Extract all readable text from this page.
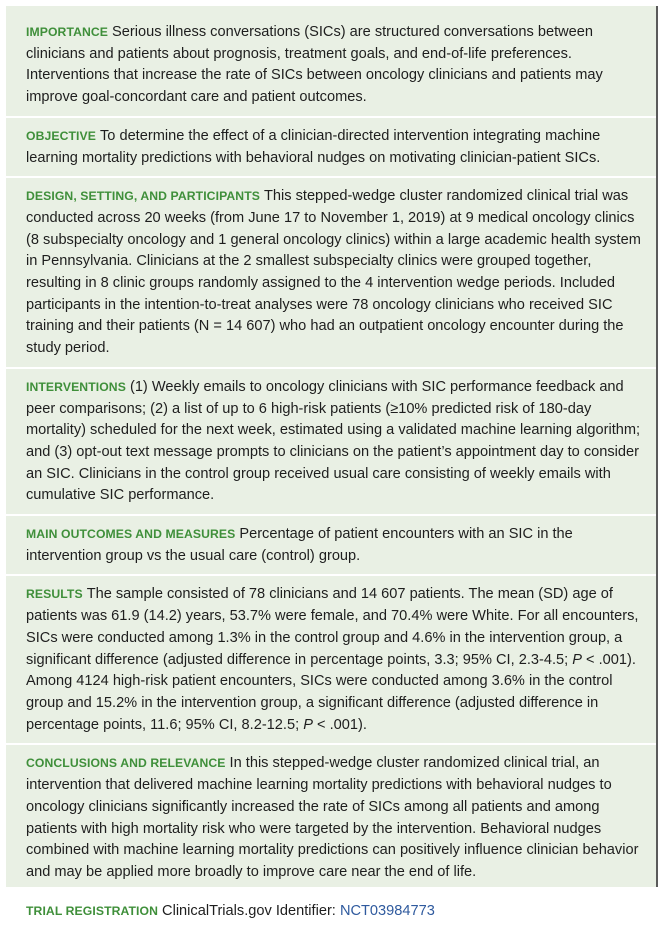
IMPORTANCE Serious illness conversations (SICs) are structured conversations between clinicians and patients about prognosis, treatment goals, and end-of-life preferences. Interventions that increase the rate of SICs between oncology clinicians and patients may improve goal-concordant care and patient outcomes.
OBJECTIVE To determine the effect of a clinician-directed intervention integrating machine learning mortality predictions with behavioral nudges on motivating clinician-patient SICs.
DESIGN, SETTING, AND PARTICIPANTS This stepped-wedge cluster randomized clinical trial was conducted across 20 weeks (from June 17 to November 1, 2019) at 9 medical oncology clinics (8 subspecialty oncology and 1 general oncology clinics) within a large academic health system in Pennsylvania. Clinicians at the 2 smallest subspecialty clinics were grouped together, resulting in 8 clinic groups randomly assigned to the 4 intervention wedge periods. Included participants in the intention-to-treat analyses were 78 oncology clinicians who received SIC training and their patients (N = 14 607) who had an outpatient oncology encounter during the study period.
INTERVENTIONS (1) Weekly emails to oncology clinicians with SIC performance feedback and peer comparisons; (2) a list of up to 6 high-risk patients (≥10% predicted risk of 180-day mortality) scheduled for the next week, estimated using a validated machine learning algorithm; and (3) opt-out text message prompts to clinicians on the patient’s appointment day to consider an SIC. Clinicians in the control group received usual care consisting of weekly emails with cumulative SIC performance.
MAIN OUTCOMES AND MEASURES Percentage of patient encounters with an SIC in the intervention group vs the usual care (control) group.
RESULTS The sample consisted of 78 clinicians and 14 607 patients. The mean (SD) age of patients was 61.9 (14.2) years, 53.7% were female, and 70.4% were White. For all encounters, SICs were conducted among 1.3% in the control group and 4.6% in the intervention group, a significant difference (adjusted difference in percentage points, 3.3; 95% CI, 2.3-4.5; P < .001). Among 4124 high-risk patient encounters, SICs were conducted among 3.6% in the control group and 15.2% in the intervention group, a significant difference (adjusted difference in percentage points, 11.6; 95% CI, 8.2-12.5; P < .001).
CONCLUSIONS AND RELEVANCE In this stepped-wedge cluster randomized clinical trial, an intervention that delivered machine learning mortality predictions with behavioral nudges to oncology clinicians significantly increased the rate of SICs among all patients and among patients with high mortality risk who were targeted by the intervention. Behavioral nudges combined with machine learning mortality predictions can positively influence clinician behavior and may be applied more broadly to improve care near the end of life.
TRIAL REGISTRATION ClinicalTrials.gov Identifier: NCT03984773
